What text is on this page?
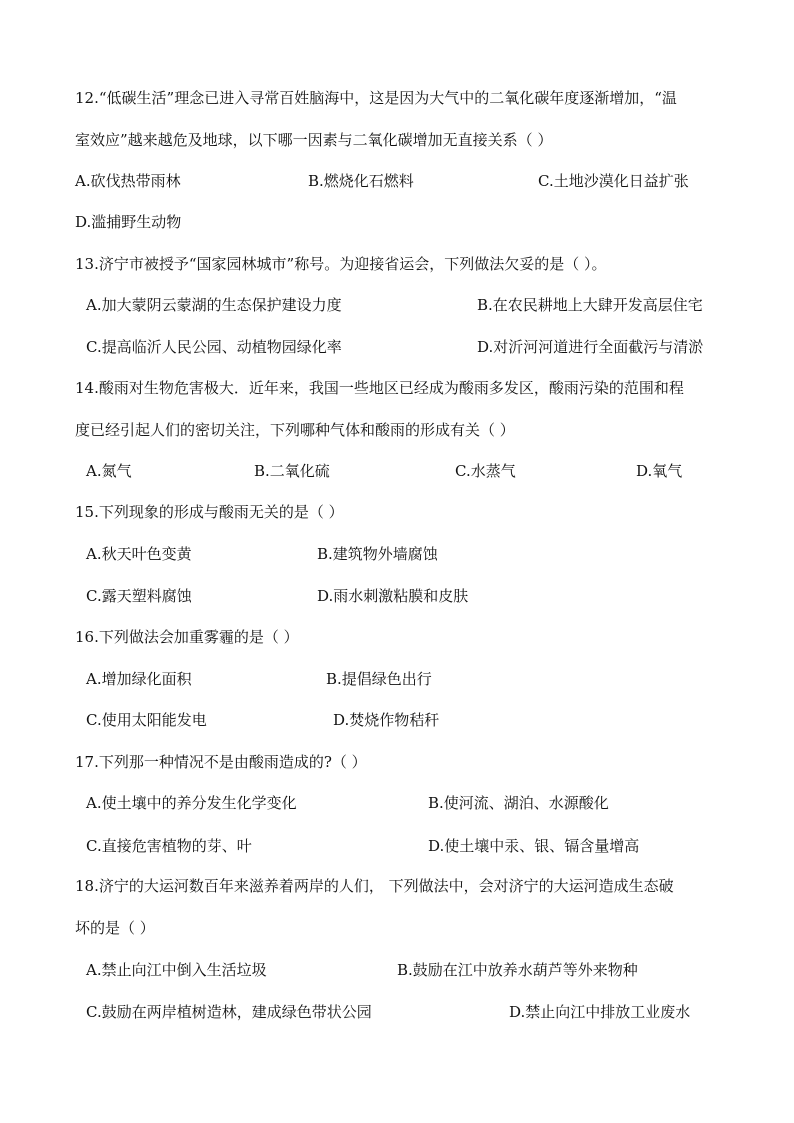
12.“低碳生活”理念已进入寻常百姓脑海中，这是因为大气中的二氧化碳年度逐渐增加，“温
室效应”越来越危及地球，以下哪一因素与二氧化碳增加无直接关系（ ）
A.砍伐热带雨林	B.燃烧化石燃料	C.土地沙漠化日益扩张
D.滥捕野生动物
13.济宁市被授予“国家园林城市”称号。为迎接省运会，下列做法欠妥的是（ ）。
A.加大蒙阴云蒙湖的生态保护建设力度	B.在农民耕地上大肆开发高层住宅
C.提高临沂人民公园、动植物园绿化率	D.对沂河河道进行全面截污与清淤
14.酸雨对生物危害极大．近年来，我国一些地区已经成为酸雨多发区，酸雨污染的范围和程
度已经引起人们的密切关注，下列哪种气体和酸雨的形成有关（ ）
A.氮气	B.二氧化硫	C.水蒸气	D.氧气
15.下列现象的形成与酸雨无关的是（ ）
A.秋天叶色变黄	B.建筑物外墙腐蚀
C.露天塑料腐蚀	D.雨水刺激粘膜和皮肤
16.下列做法会加重雾霾的是（ ）
A.增加绿化面积	B.提倡绿色出行
C.使用太阳能发电	D.焚烧作物秸秆
17.下列那一种情况不是由酸雨造成的?（ ）
A.使土壤中的养分发生化学变化	B.使河流、湖泊、水源酸化
C.直接危害植物的芽、叶	D.使土壤中汞、银、镉含量增高
18.济宁的大运河数百年来滋养着两岸的人们， 下列做法中，会对济宁的大运河造成生态破
坏的是（ ）
A.禁止向江中倒入生活垃圾	B.鼓励在江中放养水葫芦等外来物种
C.鼓励在两岸植树造林，建成绿色带状公园	D.禁止向江中排放工业废水
